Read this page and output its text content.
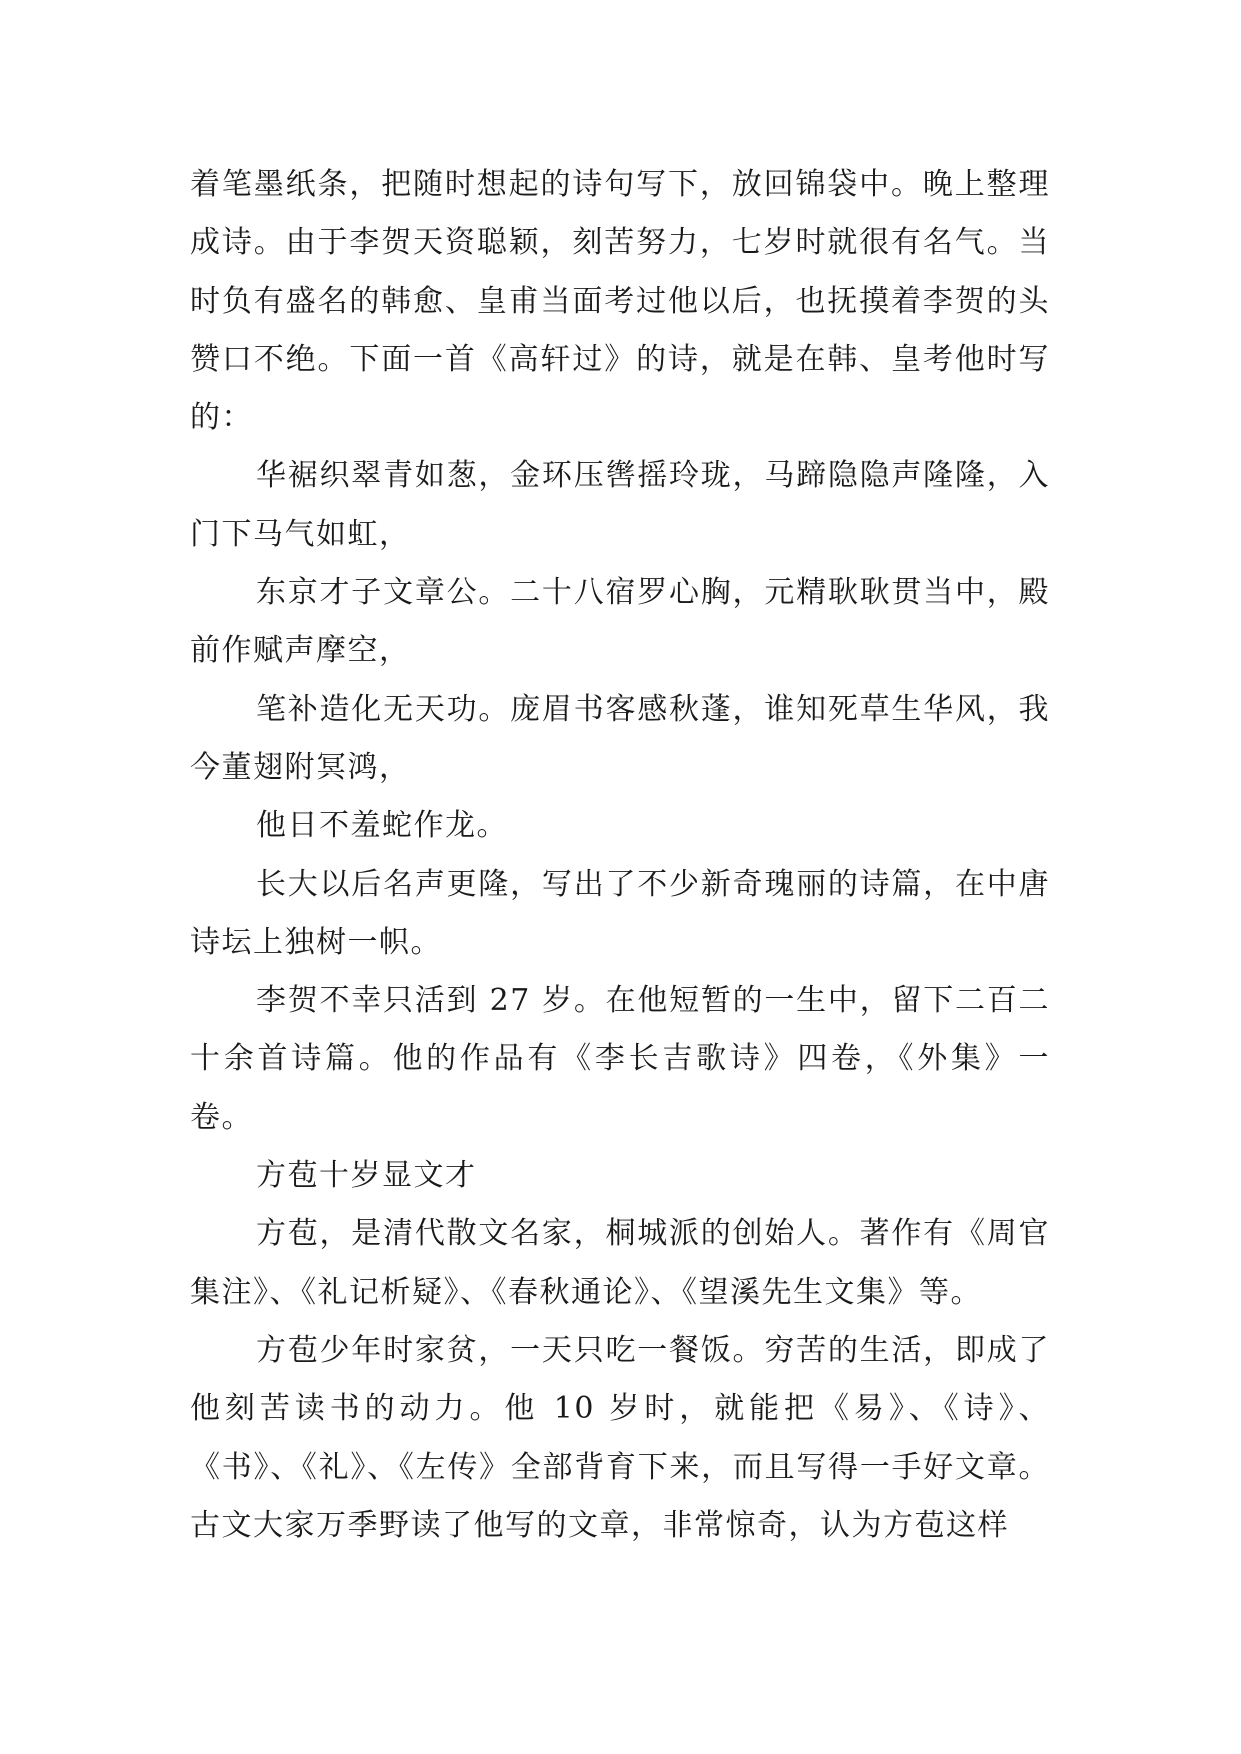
着笔墨纸条，把随时想起的诗句写下，放回锦袋中。晚上整理成诗。由于李贺天资聪颖，刻苦努力，七岁时就很有名气。当时负有盛名的韩愈、皇甫当面考过他以后，也抚摸着李贺的头赞口不绝。下面一首《高轩过》的诗，就是在韩、皇考他时写的：

华裾织翠青如葱，金环压辔摇玲珑，马蹄隐隐声隆隆，入门下马气如虹，

东京才子文章公。二十八宿罗心胸，元精耿耿贯当中，殿前作赋声摩空，

笔补造化无天功。庞眉书客感秋蓬，谁知死草生华风，我今董翅附冥鸿，

他日不羞蛇作龙。

长大以后名声更隆，写出了不少新奇瑰丽的诗篇，在中唐诗坛上独树一帜。

李贺不幸只活到 27 岁。在他短暂的一生中，留下二百二十余首诗篇。他的作品有《李长吉歌诗》四卷，《外集》一卷。

方苞十岁显文才

方苞，是清代散文名家，桐城派的创始人。著作有《周官集注》、《礼记析疑》、《春秋通论》、《望溪先生文集》等。

方苞少年时家贫，一天只吃一餐饭。穷苦的生活，即成了他刻苦读书的动力。他 10 岁时，就能把《易》、《诗》、《书》、《礼》、《左传》全部背育下来，而且写得一手好文章。古文大家万季野读了他写的文章，非常惊奇，认为方苞这样
